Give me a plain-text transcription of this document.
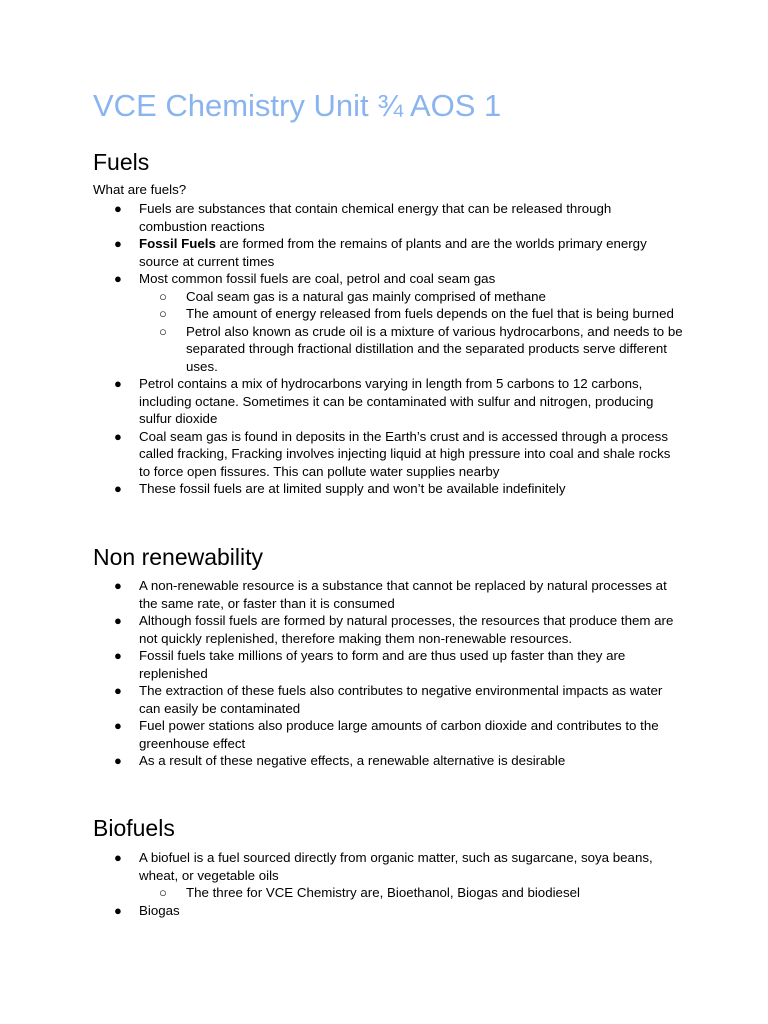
VCE Chemistry Unit ¾ AOS 1
Fuels

What are fuels?

● Fuels are substances that contain chemical energy that can be released through combustion reactions
● Fossil Fuels are formed from the remains of plants and are the worlds primary energy source at current times
● Most common fossil fuels are coal, petrol and coal seam gas
○ Coal seam gas is a natural gas mainly comprised of methane
○ The amount of energy released from fuels depends on the fuel that is being burned
○ Petrol also known as crude oil is a mixture of various hydrocarbons, and needs to be separated through fractional distillation and the separated products serve different uses.
● Petrol contains a mix of hydrocarbons varying in length from 5 carbons to 12 carbons, including octane. Sometimes it can be contaminated with sulfur and nitrogen, producing sulfur dioxide
● Coal seam gas is found in deposits in the Earth’s crust and is accessed through a process called fracking, Fracking involves injecting liquid at high pressure into coal and shale rocks to force open fissures. This can pollute water supplies nearby
● These fossil fuels are at limited supply and won’t be available indefinitely
Non renewability
● A non-renewable resource is a substance that cannot be replaced by natural processes at the same rate, or faster than it is consumed
● Although fossil fuels are formed by natural processes, the resources that produce them are not quickly replenished, therefore making them non-renewable resources.
● Fossil fuels take millions of years to form and are thus used up faster than they are replenished
● The extraction of these fuels also contributes to negative environmental impacts as water can easily be contaminated
● Fuel power stations also produce large amounts of carbon dioxide and contributes to the greenhouse effect
● As a result of these negative effects, a renewable alternative is desirable
Biofuels
● A biofuel is a fuel sourced directly from organic matter, such as sugarcane, soya beans, wheat, or vegetable oils
○ The three for VCE Chemistry are, Bioethanol, Biogas and biodiesel
● Biogas
